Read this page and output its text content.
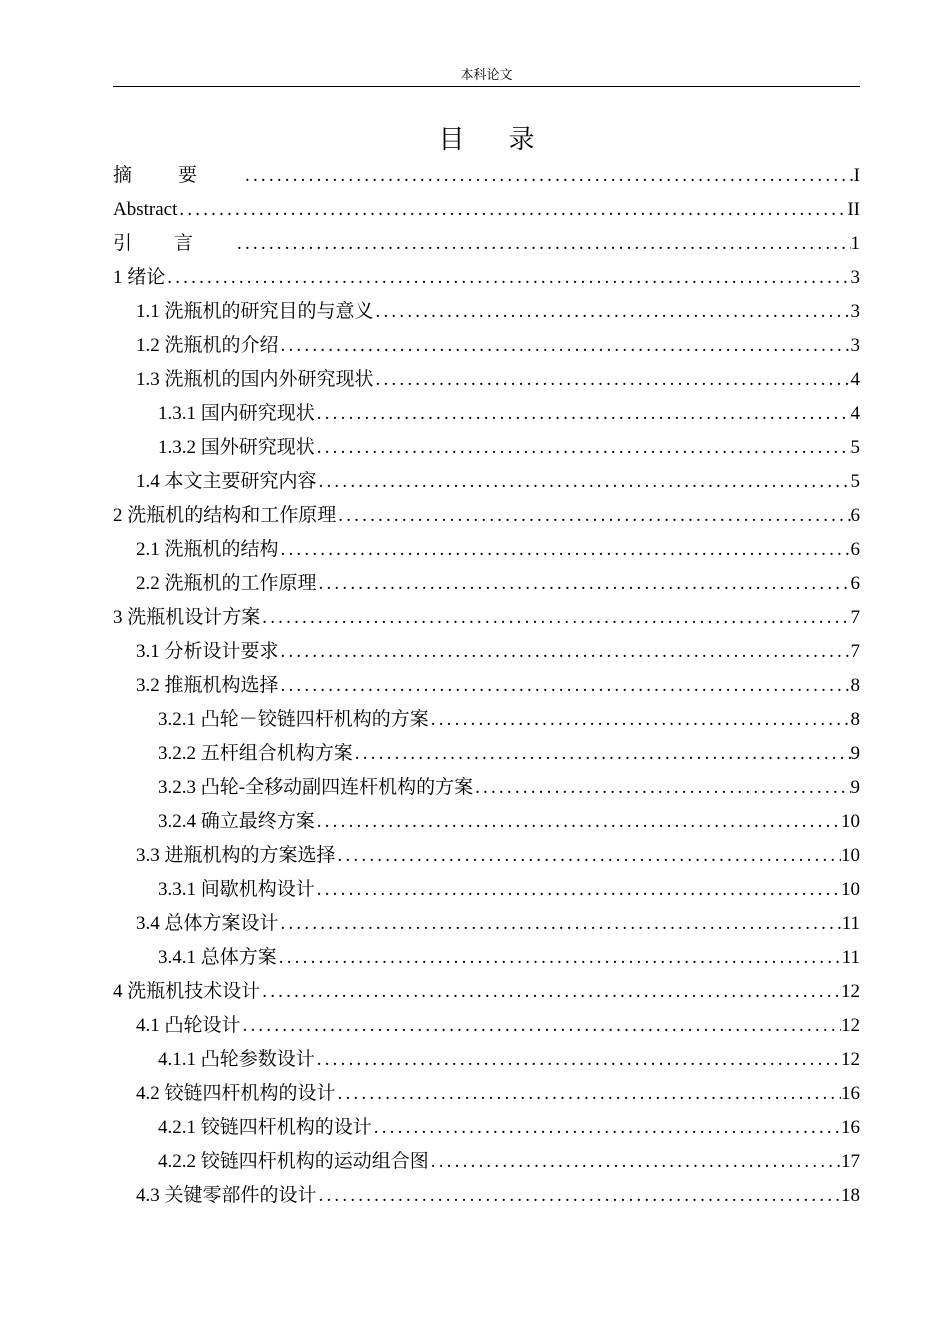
本科论文
目录
摘要 .....	I
Abstract .....	II
引言 .....	1
1 绪论 .....	3
1.1 洗瓶机的研究目的与意义 .....	3
1.2 洗瓶机的介绍 .....	3
1.3 洗瓶机的国内外研究现状 .....	4
1.3.1 国内研究现状 .....	4
1.3.2 国外研究现状 .....	5
1.4 本文主要研究内容 .....	5
2 洗瓶机的结构和工作原理 .....	6
2.1 洗瓶机的结构 .....	6
2.2 洗瓶机的工作原理 .....	6
3 洗瓶机设计方案 .....	7
3.1 分析设计要求 .....	7
3.2 推瓶机构选择 .....	8
3.2.1 凸轮－铰链四杆机构的方案 .....	8
3.2.2 五杆组合机构方案 .....	9
3.2.3 凸轮-全移动副四连杆机构的方案 .....	9
3.2.4 确立最终方案 .....	10
3.3 进瓶机构的方案选择 .....	10
3.3.1 间歇机构设计 .....	10
3.4 总体方案设计 .....	11
3.4.1 总体方案 .....	11
4 洗瓶机技术设计 .....	12
4.1 凸轮设计 .....	12
4.1.1 凸轮参数设计 .....	12
4.2 铰链四杆机构的设计 .....	16
4.2.1 铰链四杆机构的设计 .....	16
4.2.2 铰链四杆机构的运动组合图 .....	17
4.3 关键零部件的设计 .....	18
